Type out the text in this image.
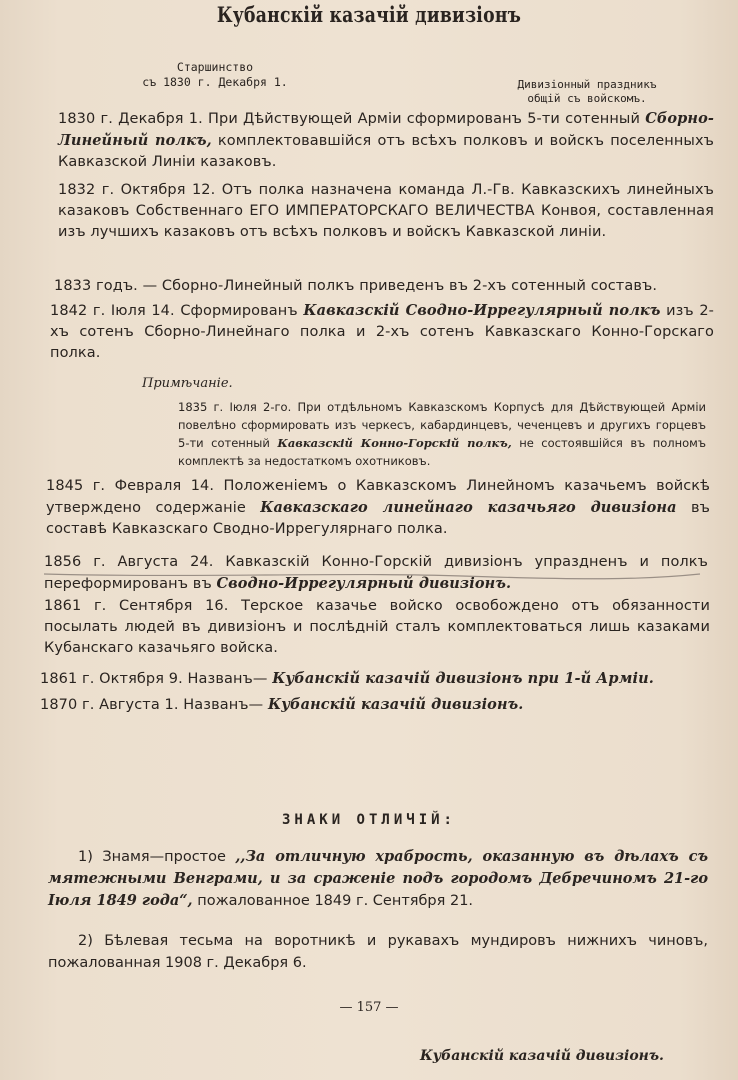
Кубанскій казачій дивизіонъ
Старшинство
съ 1830 г. Декабря 1.	Дивизіонный праздникъ
общій съ войскомъ.
1830 г. Декабря 1. При Дѣйствующей Арміи сформированъ 5-ти сотенный Сборно-Линейный полкъ, комплектовавшійся отъ всѣхъ полковъ и войскъ поселенныхъ Кавказской Линіи казаковъ.
1832 г. Октября 12. Отъ полка назначена команда Л.-Гв. Кавказскихъ линейныхъ казаковъ Собственнаго ЕГО ИМПЕРАТОРСКАГО ВЕЛИЧЕСТВА Конвоя, составленная изъ лучшихъ казаковъ отъ всѣхъ полковъ и войскъ Кавказской линіи.
1833 годъ. — Сборно-Линейный полкъ приведенъ въ 2-хъ сотенный составъ.
1842 г. Іюля 14. Сформированъ Кавказскій Сводно-Иррегулярный полкъ изъ 2-хъ сотенъ Сборно-Линейнаго полка и 2-хъ сотенъ Кавказскаго Конно-Горскаго полка.
Примѣчаніе.
1835 г. Іюля 2-го. При отдѣльномъ Кавказскомъ Корпусѣ для Дѣйствующей Арміи повелѣно сформировать изъ черкесъ, кабардинцевъ, чеченцевъ и другихъ горцевъ 5-ти сотенный Кавказскій Конно-Горскій полкъ, не состоявшійся въ полномъ комплектѣ за недостаткомъ охотниковъ.
1845 г. Февраля 14. Положеніемъ о Кавказскомъ Линейномъ казачьемъ войскѣ утверждено содержаніе Кавказскаго линейнаго казачьяго дивизіона въ составѣ Кавказскаго Сводно-Иррегулярнаго полка.
1856 г. Августа 24. Кавказскій Конно-Горскій дивизіонъ упраздненъ и полкъ переформированъ въ Сводно-Иррегулярный дивизіонъ.
1861 г. Сентября 16. Терское казачье войско освобождено отъ обязанности посылать людей въ дивизіонъ и послѣдній сталъ комплектоваться лишь казаками Кубанскаго казачьяго войска.
1861 г. Октября 9. Названъ— Кубанскій казачій дивизіонъ при 1-й Арміи.
1870 г. Августа 1. Названъ— Кубанскій казачій дивизіонъ.
ЗНАКИ ОТЛИЧІЙ:
1) Знамя—простое ,,За отличную храбрость, оказанную въ дѣлахъ съ мятежными Венграми, и за сраженіе подъ городомъ Дебречиномъ 21-го Іюля 1849 года“, пожалованное 1849 г. Сентября 21.
2) Бѣлевая тесьма на воротникѣ и рукавахъ мундировъ нижнихъ чиновъ, пожалованная 1908 г. Декабря 6.
— 157 —
Кубанскій казачій дивизіонъ.
